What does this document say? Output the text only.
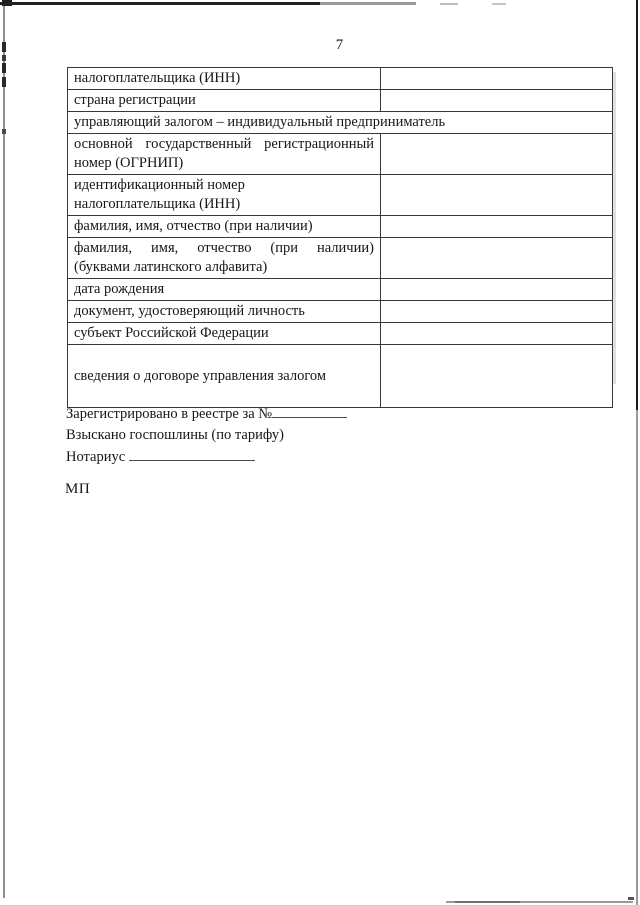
7
налогоплательщика (ИНН)	

страна регистрации	

управляющий залогом – индивидуальный предприниматель	

основной государственный регистрационный
номер (ОГРНИП)	

идентификационный номер
налогоплательщика (ИНН)	

фамилия, имя, отчество (при наличии)	

фамилия, имя, отчество (при наличии)
(буквами латинского алфавита)

дата рождения	

документ, удостоверяющий личность	

субъект Российской Федерации	

сведения о договоре управления залогом	

Зарегистрировано в реестре за №
Взыскано госпошлины (по тарифу)
Нотариус
МП
